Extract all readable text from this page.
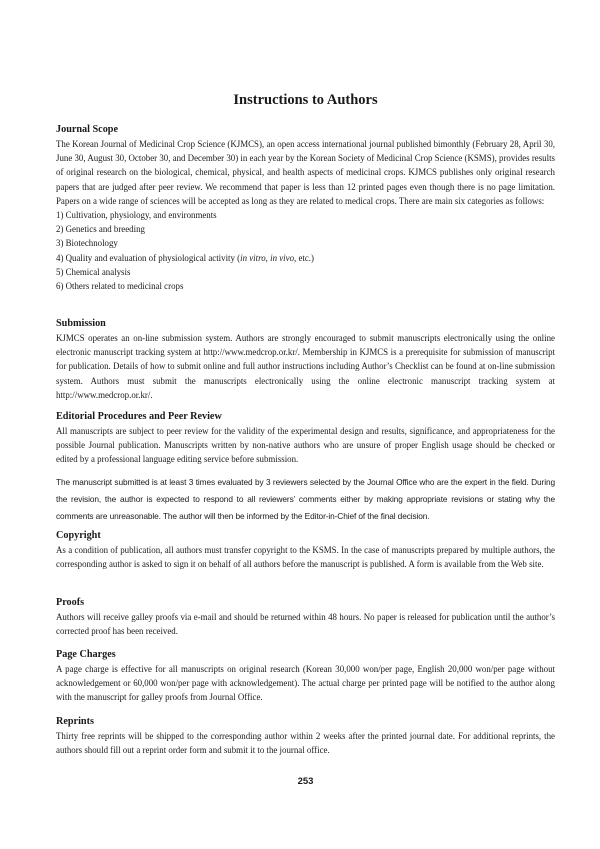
Instructions to Authors

Journal Scope

The Korean Journal of Medicinal Crop Science (KJMCS), an open access international journal published bimonthly (February 28, April 30, June 30, August 30, October 30, and December 30) in each year by the Korean Society of Medicinal Crop Science (KSMS), provides results of original research on the biological, chemical, physical, and health aspects of medicinal crops. KJMCS publishes only original research papers that are judged after peer review. We recommend that paper is less than 12 printed pages even though there is no page limitation. Papers on a wide range of sciences will be accepted as long as they are related to medical crops. There are main six categories as follows:

1) Cultivation, physiology, and environments
2) Genetics and breeding
3) Biotechnology
4) Quality and evaluation of physiological activity (in vitro, in vivo, etc.)
5) Chemical analysis
6) Others related to medicinal crops

Submission

KJMCS operates an on-line submission system. Authors are strongly encouraged to submit manuscripts electronically using the online electronic manuscript tracking system at http://www.medcrop.or.kr/. Membership in KJMCS is a prerequisite for submission of manuscript for publication. Details of how to submit online and full author instructions including Author’s Checklist can be found at on-line submission system. Authors must submit the manuscripts electronically using the online electronic manuscript tracking system at http://www.medcrop.or.kr/.

Editorial Procedures and Peer Review

All manuscripts are subject to peer review for the validity of the experimental design and results, significance, and appropriateness for the possible Journal publication. Manuscripts written by non-native authors who are unsure of proper English usage should be checked or edited by a professional language editing service before submission.

The manuscript submitted is at least 3 times evaluated by 3 reviewers selected by the Journal Office who are the expert in the field. During the revision, the author is expected to respond to all reviewers’ comments either by making appropriate revisions or stating why the comments are unreasonable. The author will then be informed by the Editor-in-Chief of the final decision.

Copyright

As a condition of publication, all authors must transfer copyright to the KSMS. In the case of manuscripts prepared by multiple authors, the corresponding author is asked to sign it on behalf of all authors before the manuscript is published. A form is available from the Web site.

Proofs

Authors will receive galley proofs via e-mail and should be returned within 48 hours. No paper is released for publication until the author’s corrected proof has been received.

Page Charges

A page charge is effective for all manuscripts on original research (Korean 30,000 won/per page, English 20,000 won/per page without acknowledgement or 60,000 won/per page with acknowledgement). The actual charge per printed page will be notified to the author along with the manuscript for galley proofs from Journal Office.

Reprints

Thirty free reprints will be shipped to the corresponding author within 2 weeks after the printed journal date. For additional reprints, the authors should fill out a reprint order form and submit it to the journal office.

253
